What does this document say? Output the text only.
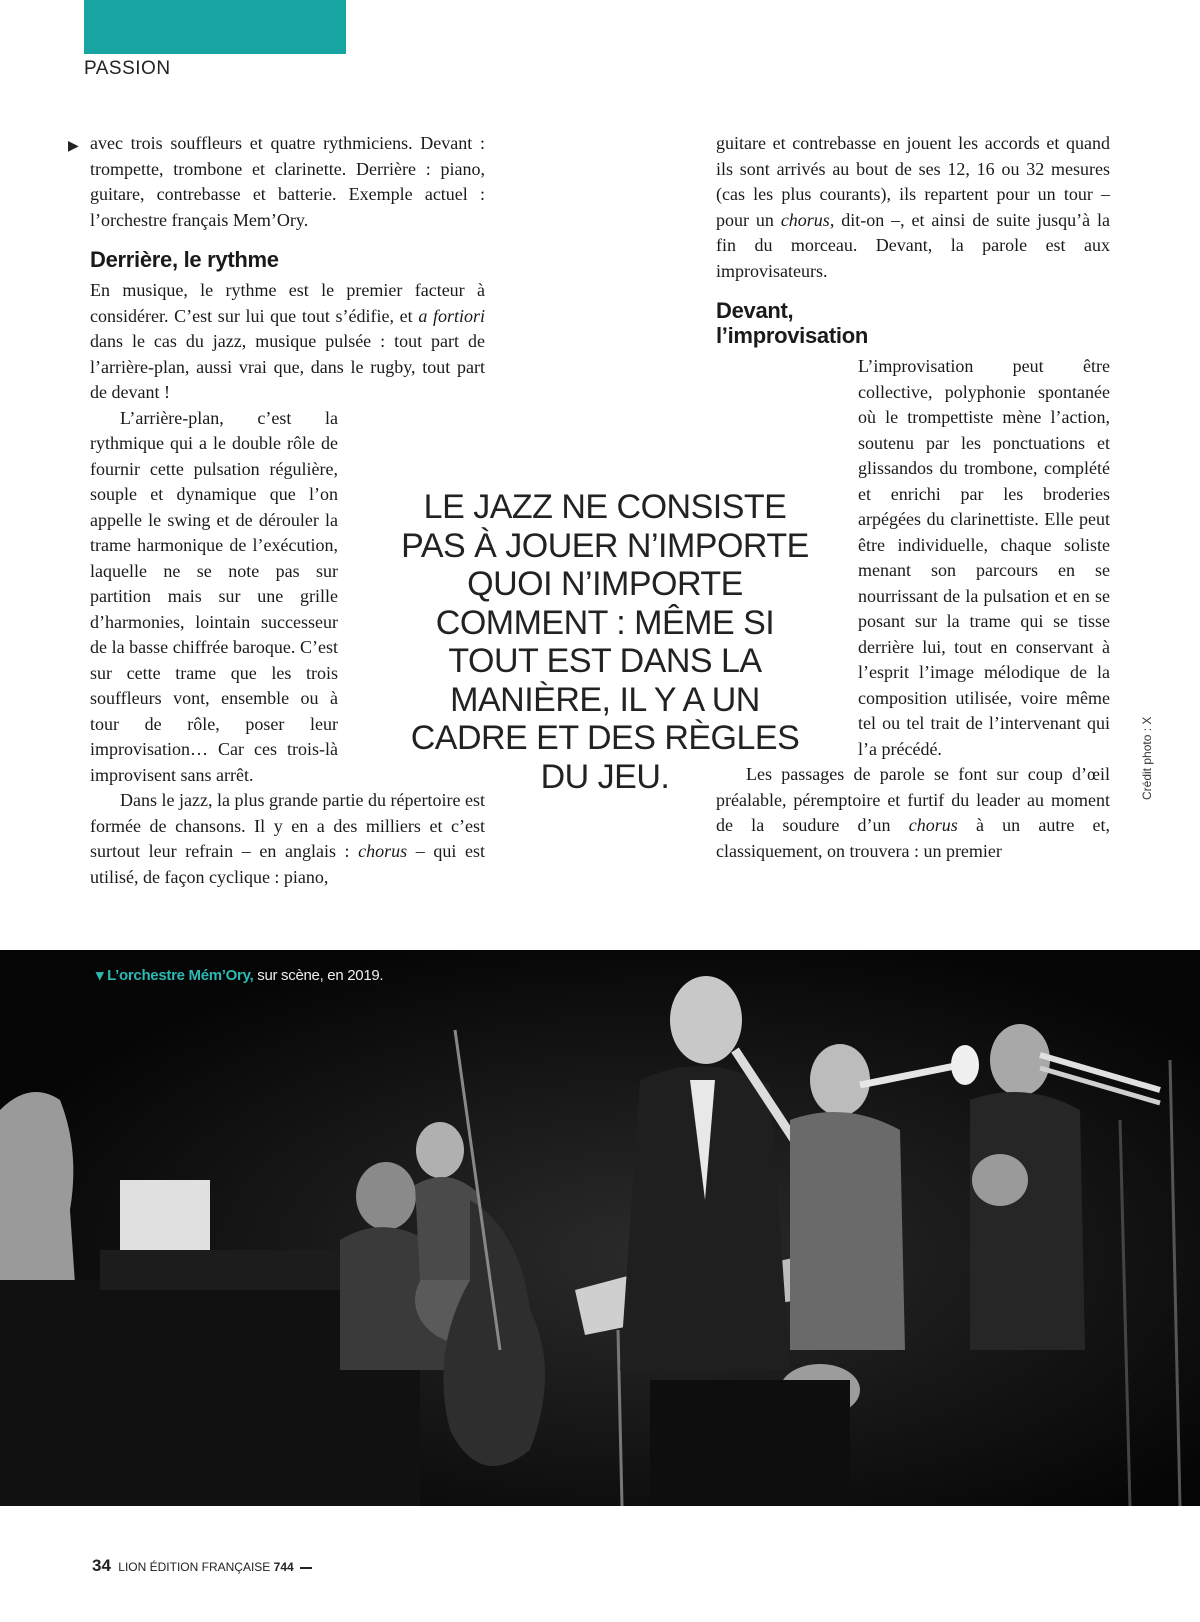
PASSION
▶ avec trois souffleurs et quatre rythmiciens. Devant : trompette, trombone et clarinette. Derrière : piano, guitare, contrebasse et batterie. Exemple actuel : l’orchestre français Mem’Ory.

Derrière, le rythme

En musique, le rythme est le premier facteur à considérer. C’est sur lui que tout s’édifie, et a fortiori dans le cas du jazz, musique pulsée : tout part de l’arrière-plan, aussi vrai que, dans le rugby, tout part de devant !

L’arrière-plan, c’est la rythmique qui a le double rôle de fournir cette pulsation régulière, souple et dynamique que l’on appelle le swing et de dérouler la trame harmonique de l’exécution, laquelle ne se note pas sur partition mais sur une grille d’harmonies, lointain successeur de la basse chiffrée baroque. C’est sur cette trame que les trois souffleurs vont, ensemble ou à tour de rôle, poser leur improvisation… Car ces trois-là improvisent sans arrêt.

Dans le jazz, la plus grande partie du répertoire est formée de chansons. Il y en a des milliers et c’est surtout leur refrain – en anglais : chorus – qui est utilisé, de façon cyclique : piano,

guitare et contrebasse en jouent les accords et quand ils sont arrivés au bout de ses 12, 16 ou 32 mesures (cas les plus courants), ils repartent pour un tour – pour un chorus, dit-on –, et ainsi de suite jusqu’à la fin du morceau. Devant, la parole est aux improvisateurs.

Devant,
l’improvisation

L’improvisation peut être collective, polyphonie spontanée où le trompettiste mène l’action, soutenu par les ponctuations et glissandos du trombone, complété et enrichi par les broderies arpégées du clarinettiste. Elle peut être individuelle, chaque soliste menant son parcours en se nourrissant de la pulsation et en se posant sur la trame qui se tisse derrière lui, tout en conservant à l’esprit l’image mélodique de la composition utilisée, voire même tel ou tel trait de l’intervenant qui l’a précédé.

Les passages de parole se font sur coup d’œil préalable, péremptoire et furtif du leader au moment de la soudure d’un chorus à un autre et, classiquement, on trouvera : un premier

LE JAZZ NE CONSISTE PAS À JOUER N’IMPORTE QUOI N’IMPORTE COMMENT : MÊME SI TOUT EST DANS LA MANIÈRE, IL Y A UN CADRE ET DES RÈGLES DU JEU.	Crédit photo : X
▾ L’orchestre Mém’Ory, sur scène, en 2019.
34 LION ÉDITION FRANÇAISE 744
